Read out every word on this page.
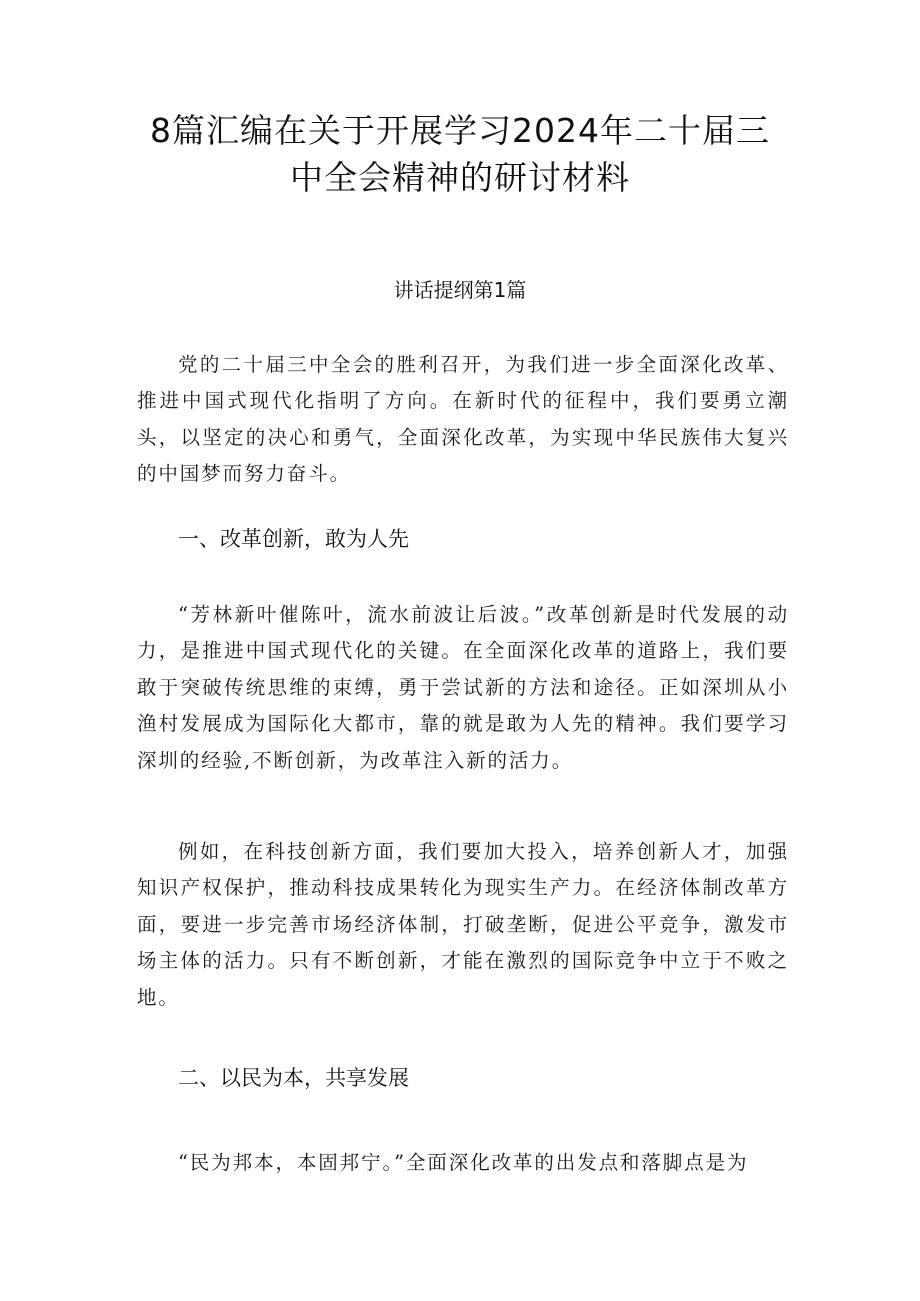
8篇汇编在关于开展学习2024年二十届三
中全会精神的研讨材料
讲话提纲第1篇

党的二十届三中全会的胜利召开，为我们进一步全面深化改革、推进中国式现代化指明了方向。在新时代的征程中，我们要勇立潮头，以坚定的决心和勇气，全面深化改革，为实现中华民族伟大复兴的中国梦而努力奋斗。

一、改革创新，敢为人先

“芳林新叶催陈叶，流水前波让后波。”改革创新是时代发展的动力，是推进中国式现代化的关键。在全面深化改革的道路上，我们要敢于突破传统思维的束缚，勇于尝试新的方法和途径。正如深圳从小渔村发展成为国际化大都市，靠的就是敢为人先的精神。我们要学习深圳的经验,不断创新，为改革注入新的活力。

例如，在科技创新方面，我们要加大投入，培养创新人才，加强知识产权保护，推动科技成果转化为现实生产力。在经济体制改革方面，要进一步完善市场经济体制，打破垄断，促进公平竞争，激发市场主体的活力。只有不断创新，才能在激烈的国际竞争中立于不败之地。

二、以民为本，共享发展

“民为邦本，本固邦宁。”全面深化改革的出发点和落脚点是为
